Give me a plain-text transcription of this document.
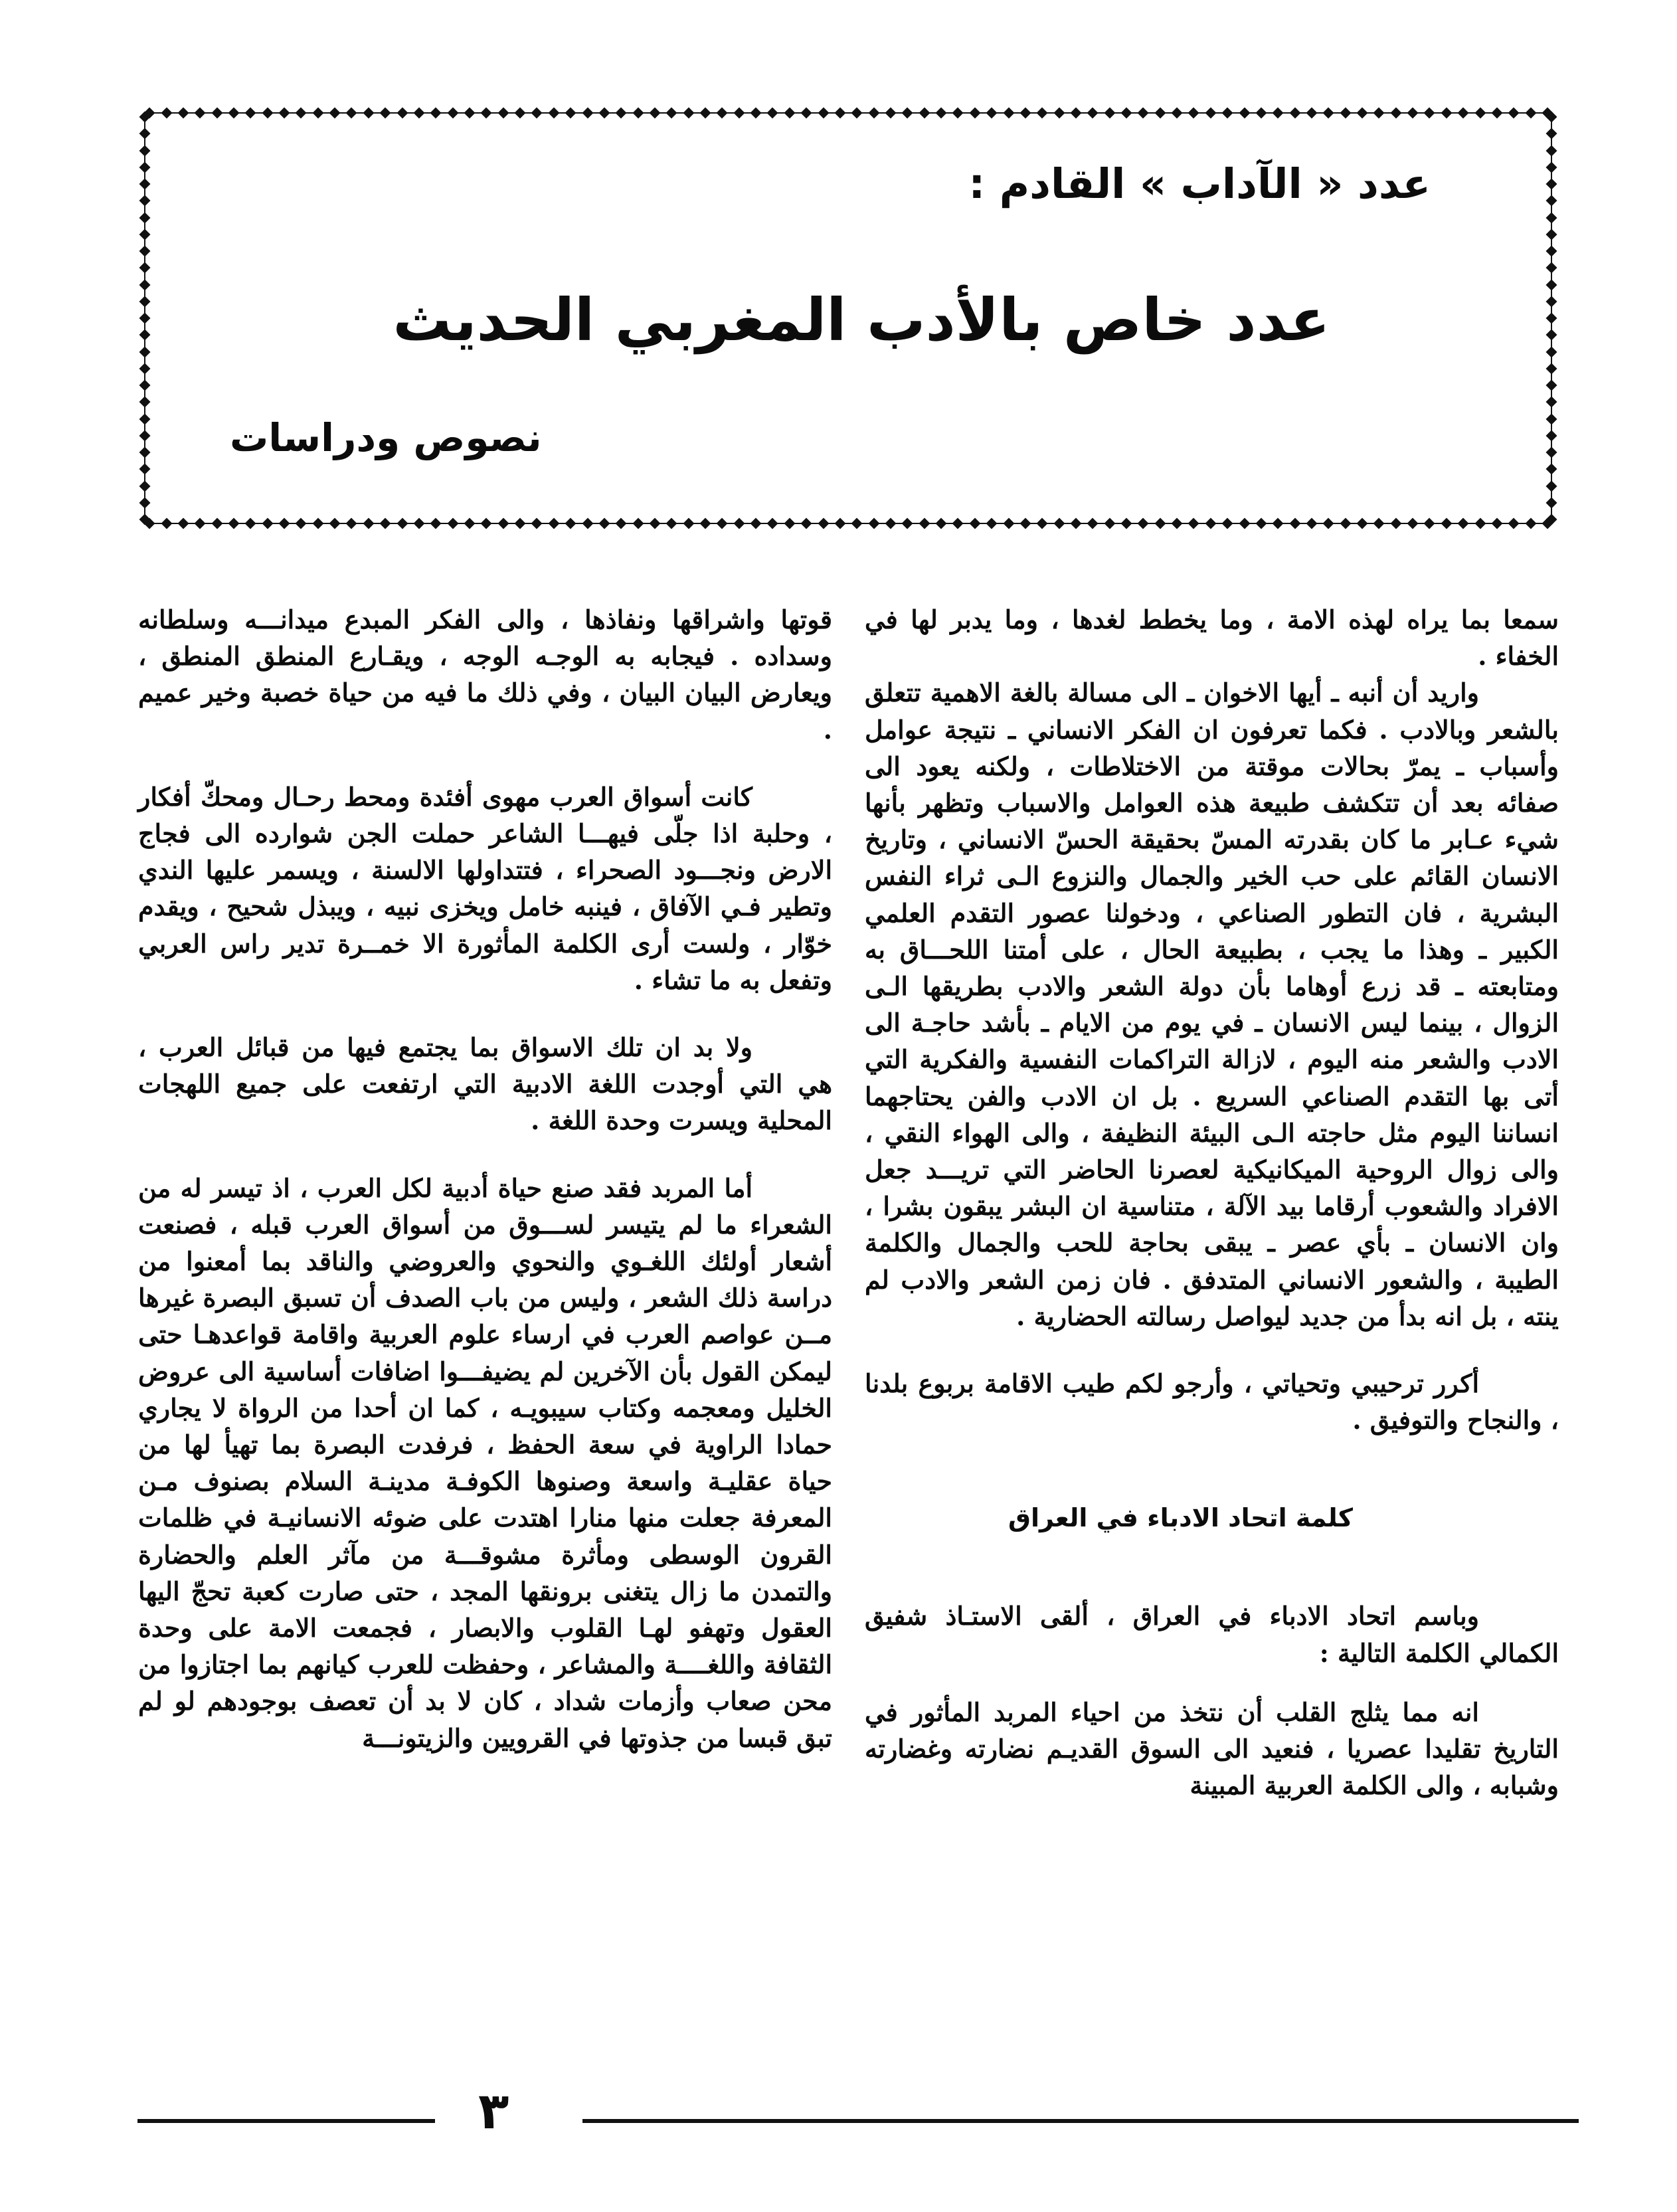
عدد « الآداب » القادم :
عدد خاص بالأدب المغربي الحديث
نصوص ودراسات

سمعا بما يراه لهذه الامة ، وما يخطط لغدها ، وما يدبر لها في الخفاء .

واريد أن أنبه ـ أيها الاخوان ـ الى مسالة بالغة الاهمية تتعلق بالشعر وبالادب . فكما تعرفون ان الفكر الانساني ـ نتيجة عوامل وأسباب ـ يمرّ بحالات موقتة من الاختلاطات ، ولكنه يعود الى صفائه بعد أن تتكشف طبيعة هذه العوامل والاسباب وتظهر بأنها شيء عـابر ما كان بقدرته المسّ بحقيقة الحسّ الانساني ، وتاريخ الانسان القائم على حب الخير والجمال والنزوع الـى ثراء النفس البشرية ، فان التطور الصناعي ، ودخولنا عصور التقدم العلمي الكبير ـ وهذا ما يجب ، بطبيعة الحال ، على أمتنا اللحـــاق به ومتابعته ـ قد زرع أوهاما بأن دولة الشعر والادب بطريقها الـى الزوال ، بينما ليس الانسان ـ في يوم من الايام ـ بأشد حاجـة الى الادب والشعر منه اليوم ، لازالة التراكمات النفسية والفكرية التي أتى بها التقدم الصناعي السريع . بل ان الادب والفن يحتاجهما انساننا اليوم مثل حاجته الـى البيئة النظيفة ، والى الهواء النقي ، والى زوال الروحية الميكانيكية لعصرنا الحاضر التي تريـــد جعل الافراد والشعوب أرقاما بيد الآلة ، متناسية ان البشر يبقون بشرا ، وان الانسان ـ بأي عصر ـ يبقى بحاجة للحب والجمال والكلمة الطيبة ، والشعور الانساني المتدفق . فان زمن الشعر والادب لم ينته ، بل انه بدأ من جديد ليواصل رسالته الحضارية .

أكرر ترحيبي وتحياتي ، وأرجو لكم طيب الاقامة بربوع بلدنا ، والنجاح والتوفيق .

كلمة اتحاد الادباء في العراق

وباسم اتحاد الادباء في العراق ، ألقى الاستـاذ شفيق الكمالي الكلمة التالية :

انه مما يثلج القلب أن نتخذ من احياء المربد المأثور في التاريخ تقليدا عصريا ، فنعيد الى السوق القديـم نضارته وغضارته وشبابه ، والى الكلمة العربية المبينة

قوتها واشراقها ونفاذها ، والى الفكر المبدع ميدانـــه وسلطانه وسداده . فيجابه به الوجـه الوجه ، ويقـارع المنطق المنطق ، ويعارض البيان البيان ، وفي ذلك ما فيه من حياة خصبة وخير عميم .

كانت أسواق العرب مهوى أفئدة ومحط رحـال ومحكّ أفكار ، وحلبة اذا جلّى فيهـــا الشاعر حملت الجن شوارده الى فجاج الارض ونجـــود الصحراء ، فتتداولها الالسنة ، ويسمر عليها الندي وتطير فـي الآفاق ، فينبه خامل ويخزى نبيه ، ويبذل شحيح ، ويقدم خوّار ، ولست أرى الكلمة المأثورة الا خمــرة تدير راس العربي وتفعل به ما تشاء .

ولا بد ان تلك الاسواق بما يجتمع فيها من قبائل العرب ، هي التي أوجدت اللغة الادبية التي ارتفعت على جميع اللهجات المحلية ويسرت وحدة اللغة .

أما المربد فقد صنع حياة أدبية لكل العرب ، اذ تيسر له من الشعراء ما لم يتيسر لســـوق من أسواق العرب قبله ، فصنعت أشعار أولئك اللغـوي والنحوي والعروضي والناقد بما أمعنوا من دراسة ذلك الشعر ، وليس من باب الصدف أن تسبق البصرة غيرها مــن عواصم العرب في ارساء علوم العربية واقامة قواعدهـا حتى ليمكن القول بأن الآخرين لم يضيفـــوا اضافات أساسية الى عروض الخليل ومعجمه وكتاب سيبويـه ، كما ان أحدا من الرواة لا يجاري حمادا الراوية في سعة الحفظ ، فرفدت البصرة بما تهيأ لها من حياة عقليـة واسعة وصنوها الكوفـة مدينـة السلام بصنوف مـن المعرفة جعلت منها منارا اهتدت على ضوئه الانسانيـة في ظلمات القرون الوسطى ومأثرة مشوقـــة من مآثر العلم والحضارة والتمدن ما زال يتغنى برونقها المجد ، حتى صارت كعبة تحجّ اليها العقول وتهفو لهـا القلوب والابصار ، فجمعت الامة على وحدة الثقافة واللغــــة والمشاعر ، وحفظت للعرب كيانهم بما اجتازوا من محن صعاب وأزمات شداد ، كان لا بد أن تعصف بوجودهم لو لم تبق قبسا من جذوتها في القرويين والزيتونـــة

٣
